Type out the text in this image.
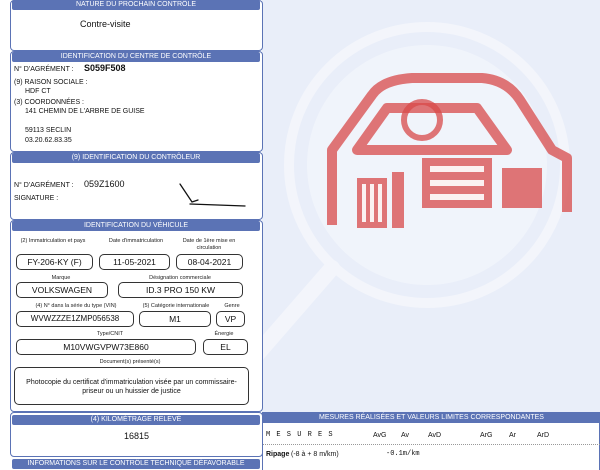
NATURE DU PROCHAIN CONTRÔLE
Contre-visite
IDENTIFICATION DU CENTRE DE CONTRÔLE
N° D'AGRÉMENT : S059F508
(9) RAISON SOCIALE :
HDF CT
(3) COORDONNÉES :
141 CHEMIN DE L'ARBRE DE GUISE
59113 SECLIN
03.20.62.83.35
(9) IDENTIFICATION DU CONTRÔLEUR
N° D'AGRÉMENT : 059Z1600
SIGNATURE :
IDENTIFICATION DU VÉHICULE
(2) Immatriculation et pays	Date d'immatriculation	Date de 1ère mise en circulation
FY-206-KY (F)	11-05-2021	08-04-2021
Marque	Désignation commerciale
VOLKSWAGEN	ID.3 PRO 150 KW
(4) N° dans la série du type (VIN)	(5) Catégorie internationale	Genre
WVWZZZE1ZMP056538	M1	VP
Type/CNIT	Énergie
M10VWGVPW73E860	EL
Document(s) présenté(s)
Photocopie du certificat d'immatriculation visée par un commissaire-priseur ou un huissier de justice
(4) KILOMÉTRAGE RELEVÉ
16815
INFORMATIONS SUR LE CONTRÔLE TECHNIQUE DÉFAVORABLE
MESURES RÉALISÉES ET VALEURS LIMITES CORRESPONDANTES
M E S U R E S	AvG Av	AvD	ArG Ar	ArD
Ripage (-8 à + 8 m/km)	-0.1m/km
